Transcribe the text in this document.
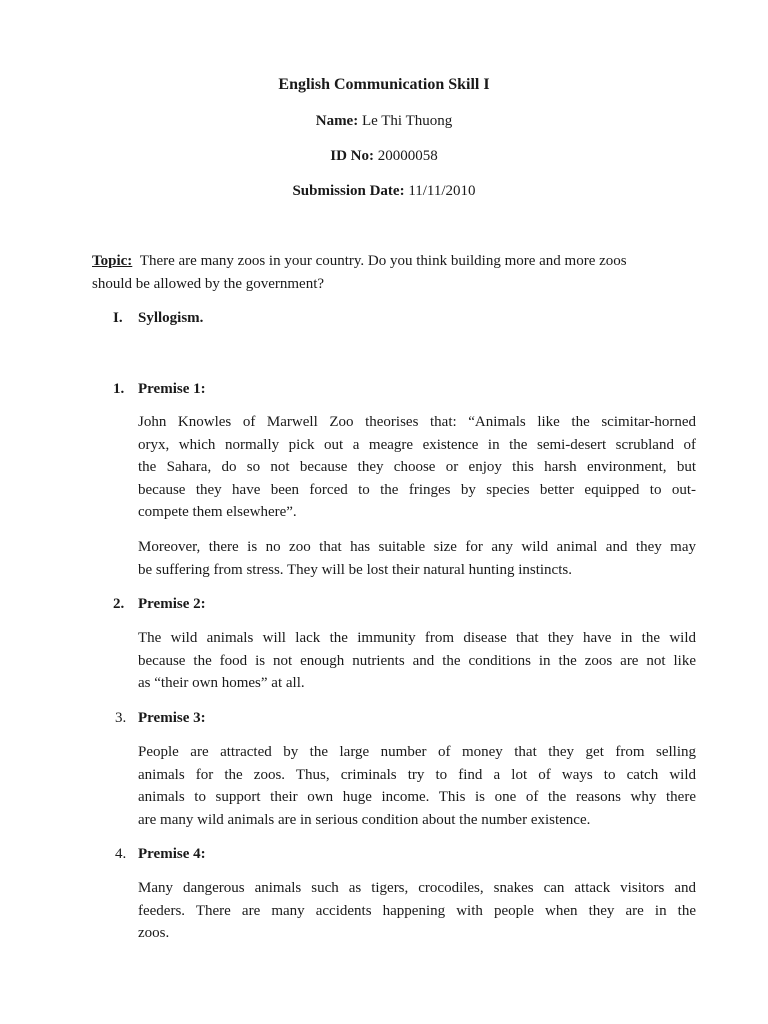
English Communication Skill I
Name: Le Thi Thuong
ID No: 20000058
Submission Date: 11/11/2010
Topic: There are many zoos in your country. Do you think building more and more zoos
should be allowed by the government?
I. Syllogism.
1. Premise 1:
John Knowles of Marwell Zoo theorises that: “Animals like the scimitar-horned
oryx, which normally pick out a meagre existence in the semi-desert scrubland of
the Sahara, do so not because they choose or enjoy this harsh environment, but
because they have been forced to the fringes by species better equipped to out-
compete them elsewhere”.
Moreover, there is no zoo that has suitable size for any wild animal and they may
be suffering from stress. They will be lost their natural hunting instincts.
2. Premise 2:
The wild animals will lack the immunity from disease that they have in the wild
because the food is not enough nutrients and the conditions in the zoos are not like
as “their own homes” at all.
3. Premise 3:
People are attracted by the large number of money that they get from selling
animals for the zoos. Thus, criminals try to find a lot of ways to catch wild
animals to support their own huge income. This is one of the reasons why there
are many wild animals are in serious condition about the number existence.
4. Premise 4:
Many dangerous animals such as tigers, crocodiles, snakes can attack visitors and
feeders. There are many accidents happening with people when they are in the
zoos.
